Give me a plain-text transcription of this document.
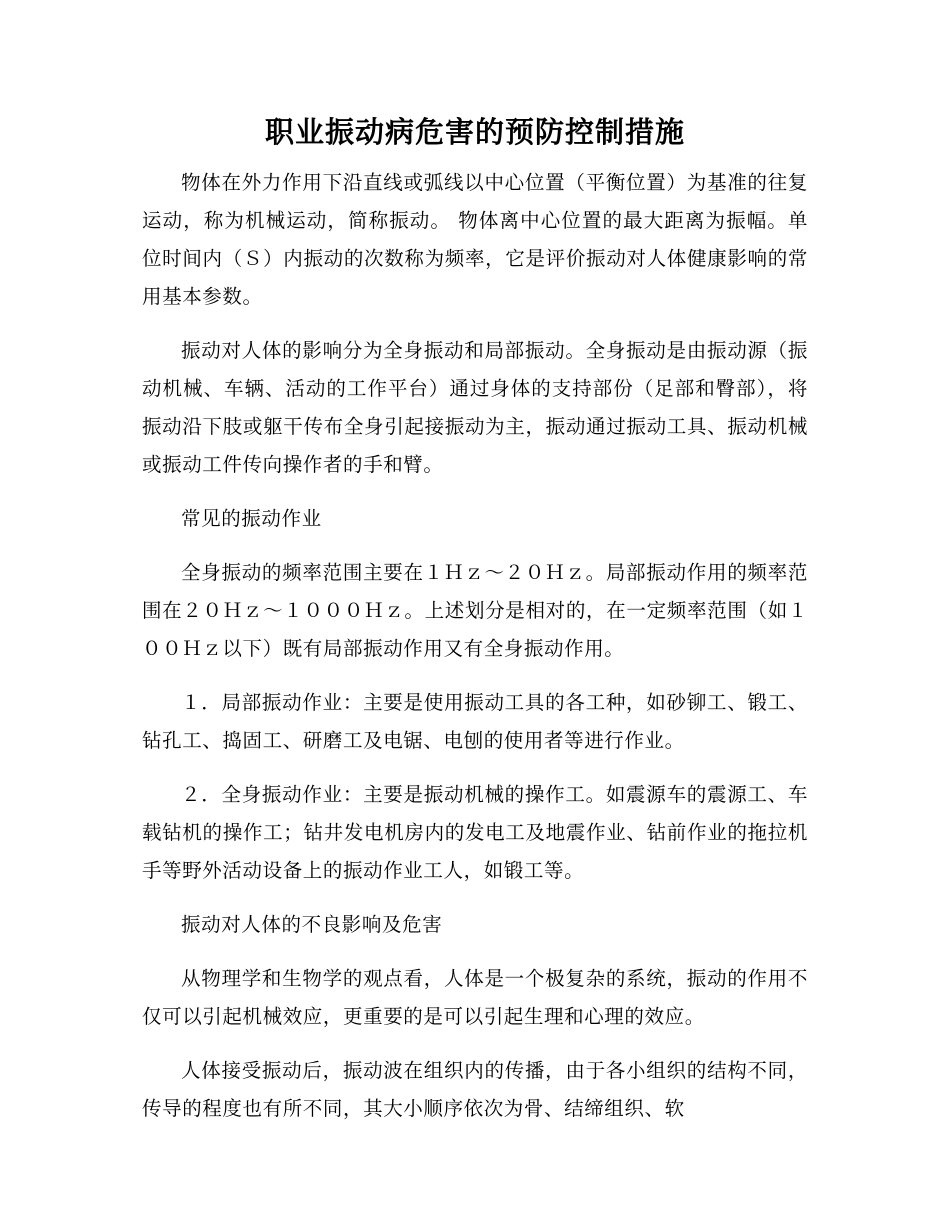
职业振动病危害的预防控制措施

物体在外力作用下沿直线或弧线以中心位置（平衡位置）为基准的往复运动，称为机械运动，简称振动。 物体离中心位置的最大距离为振幅。单位时间内（Ｓ）内振动的次数称为频率，它是评价振动对人体健康影响的常用基本参数。

振动对人体的影响分为全身振动和局部振动。全身振动是由振动源（振动机械、车辆、活动的工作平台）通过身体的支持部份（足部和臀部），将振动沿下肢或躯干传布全身引起接振动为主，振动通过振动工具、振动机械或振动工件传向操作者的手和臂。

常见的振动作业

全身振动的频率范围主要在１Ｈｚ～２０Ｈｚ。局部振动作用的频率范围在２０Ｈｚ～１０００Ｈｚ。上述划分是相对的，在一定频率范围（如１００Ｈｚ以下）既有局部振动作用又有全身振动作用。

１．局部振动作业：主要是使用振动工具的各工种，如砂铆工、锻工、钻孔工、捣固工、研磨工及电锯、电刨的使用者等进行作业。

２．全身振动作业：主要是振动机械的操作工。如震源车的震源工、车载钻机的操作工；钻井发电机房内的发电工及地震作业、钻前作业的拖拉机手等野外活动设备上的振动作业工人，如锻工等。

振动对人体的不良影响及危害

从物理学和生物学的观点看，人体是一个极复杂的系统，振动的作用不仅可以引起机械效应，更重要的是可以引起生理和心理的效应。

人体接受振动后，振动波在组织内的传播，由于各小组织的结构不同，传导的程度也有所不同，其大小顺序依次为骨、结缔组织、软
